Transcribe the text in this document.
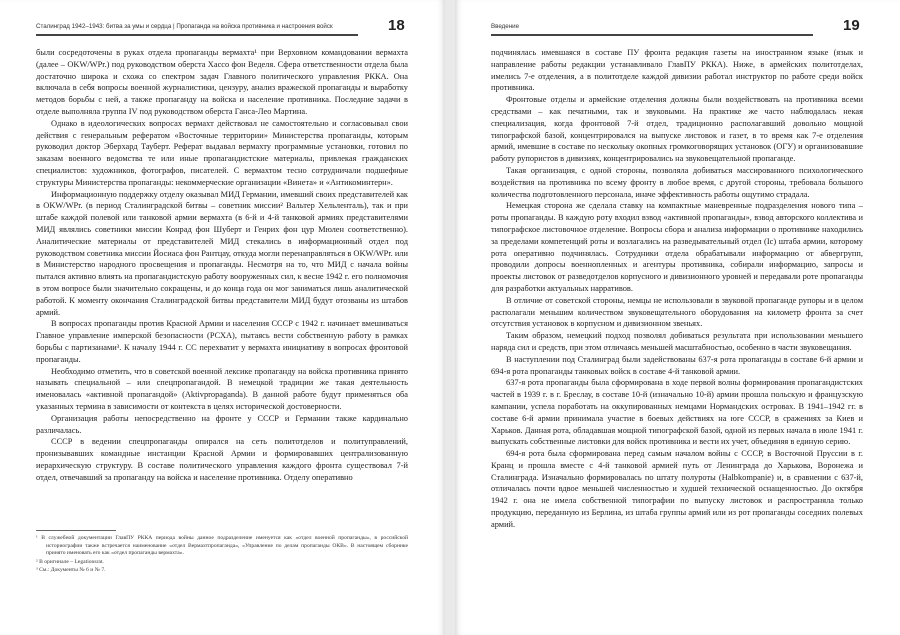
Сталинград 1942–1943: битва за умы и сердца | Пропаганда на войска противника и настроения войск	18

были сосредоточены в руках отдела пропаганды вермахта¹ при Верховном командовании вермахта (далее – OKW/WPr.) под руководством оберста Хассо фон Веделя. Сфера ответственности отдела была достаточно широка и схожа со спектром задач Главного политического управления РККА. Она включала в себя вопросы военной журналистики, цензуру, анализ вражеской пропаганды и выработку методов борьбы с ней, а также пропаганду на войска и население противника. Последние задачи в отделе выполняла группа IV под руководством оберста Ганса-Лео Мартина.

Однако в идеологических вопросах вермахт действовал не самостоятельно и согласовывал свои действия с генеральным рефератом «Восточные территории» Министерства пропаганды, которым руководил доктор Эберхард Тауберт. Реферат выдавал вермахту программные установки, готовил по заказам военного ведомства те или иные пропагандистские материалы, привлекая гражданских специалистов: художников, фотографов, писателей. С вермахтом тесно сотрудничали подшефные структуры Министерства пропаганды: некоммерческие организации «Винета» и «Антикоминтерн».

Информационную поддержку отделу оказывал МИД Германии, имевший своих представителей как в OKW/WPr. (в период Сталинградской битвы – советник миссии² Вальтер Хельленталь), так и при штабе каждой полевой или танковой армии вермахта (в 6-й и 4-й танковой армиях представителями МИД являлись советники миссии Конрад фон Шуберт и Генрих фон цур Мюлен соответственно). Аналитические материалы от представителей МИД стекались в информационный отдел под руководством советника миссии Йосиаса фон Рантцау, откуда могли перенаправляться в OKW/WPr. или в Министерство народного просвещения и пропаганды. Несмотря на то, что МИД с начала войны пытался активно влиять на пропагандистскую работу вооруженных сил, к весне 1942 г. его полномочия в этом вопросе были значительно сокращены, и до конца года он мог заниматься лишь аналитической работой. К моменту окончания Сталинградской битвы представители МИД будут отозваны из штабов армий.

В вопросах пропаганды против Красной Армии и населения СССР с 1942 г. начинает вмешиваться Главное управление имперской безопасности (РСХА), пытаясь вести собственную работу в рамках борьбы с партизанами³. К началу 1944 г. СС перехватит у вермахта инициативу в вопросах фронтовой пропаганды.

Необходимо отметить, что в советской военной лексике пропаганду на войска противника принято называть специальной – или спецпропагандой. В немецкой традиции же такая деятельность именовалась «активной пропагандой» (Aktivpropaganda). В данной работе будут применяться оба указанных термина в зависимости от контекста в целях исторической достоверности.

Организация работы непосредственно на фронте у СССР и Германии также кардинально различалась.

СССР в ведении спецпропаганды опирался на сеть политотделов и политуправлений, пронизывавших командные инстанции Красной Армии и формировавших централизованную иерархическую структуру. В составе политического управления каждого фронта существовал 7-й отдел, отвечавший за пропаганду на войска и население противника. Отделу оперативно

¹ В служебной документации ГлавПУ РККА периода войны данное подразделение именуется как «отдел военной пропаганды», в российской историографии также встречается наименование «отдел Вермахтпропаганда», «Управление по делам пропаганды ОКВ». В настоящем сборнике принято именовать его как «отдел пропаганды вермахта».
² В оригинале – Legationsrat.
³ См.: Документы № 6 и № 7.
Введение	19

подчинялась имевшаяся в составе ПУ фронта редакция газеты на иностранном языке (язык и направление работы редакции устанавливало ГлавПУ РККА). Ниже, в армейских политотделах, имелись 7-е отделения, а в политотделе каждой дивизии работал инструктор по работе среди войск противника.

Фронтовые отделы и армейские отделения должны были воздействовать на противника всеми средствами – как печатными, так и звуковыми. На практике же часто наблюдалась некая специализация, когда фронтовой 7-й отдел, традиционно располагавший довольно мощной типографской базой, концентрировался на выпуске листовок и газет, в то время как 7-е отделения армий, имевшие в составе по нескольку окопных громкоговорящих установок (ОГУ) и организовавшие работу рупористов в дивизиях, концентрировались на звуковещательной пропаганде.

Такая организация, с одной стороны, позволяла добиваться массированного психологического воздействия на противника по всему фронту в любое время, с другой стороны, требовала большого количества подготовленного персонала, иначе эффективность работы ощутимо страдала.

Немецкая сторона же сделала ставку на компактные маневренные подразделения нового типа – роты пропаганды. В каждую роту входил взвод «активной пропаганды», взвод авторского коллектива и типографское листовочное отделение. Вопросы сбора и анализа информации о противнике находились за пределами компетенций роты и возлагались на разведывательный отдел (Ic) штаба армии, которому рота оперативно подчинялась. Сотрудники отдела обрабатывали информацию от абвергрупп, проводили допросы военнопленных и агентуры противника, собирали информацию, запросы и проекты листовок от разведотделов корпусного и дивизионного уровней и передавали роте пропаганды для разработки актуальных нарративов.

В отличие от советской стороны, немцы не использовали в звуковой пропаганде рупоры и в целом располагали меньшим количеством звуковещательного оборудования на километр фронта за счет отсутствия установок в корпусном и дивизионном звеньях.

Таким образом, немецкий подход позволял добиваться результата при использовании меньшего наряда сил и средств, при этом отличаясь меньшей масштабностью, особенно в части звуковещания.

В наступлении под Сталинград были задействованы 637-я рота пропаганды в составе 6-й армии и 694-я рота пропаганды танковых войск в составе 4-й танковой армии.

637-я рота пропаганды была сформирована в ходе первой волны формирования пропагандистских частей в 1939 г. в г. Бреслау, в составе 10-й (изначально 10-й) армии прошла польскую и французскую кампании, успела поработать на оккупированных немцами Нормандских островах. В 1941–1942 гг. в составе 6-й армии принимала участие в боевых действиях на юге СССР, в сражениях за Киев и Харьков. Данная рота, обладавшая мощной типографской базой, одной из первых начала в июле 1941 г. выпускать собственные листовки для войск противника и вести их учет, объединяя в единую серию.

694-я рота была сформирована перед самым началом войны с СССР, в Восточной Пруссии в г. Кранц и прошла вместе с 4-й танковой армией путь от Ленинграда до Харькова, Воронежа и Сталинграда. Изначально формировалась по штату полуроты (Halbkompanie) и, в сравнении с 637-й, отличалась почти вдвое меньшей численностью и худшей технической оснащенностью. До октября 1942 г. она не имела собственной типографии по выпуску листовок и распространяла только продукцию, переданную из Берлина, из штаба группы армий или из рот пропаганды соседних полевых армий.
